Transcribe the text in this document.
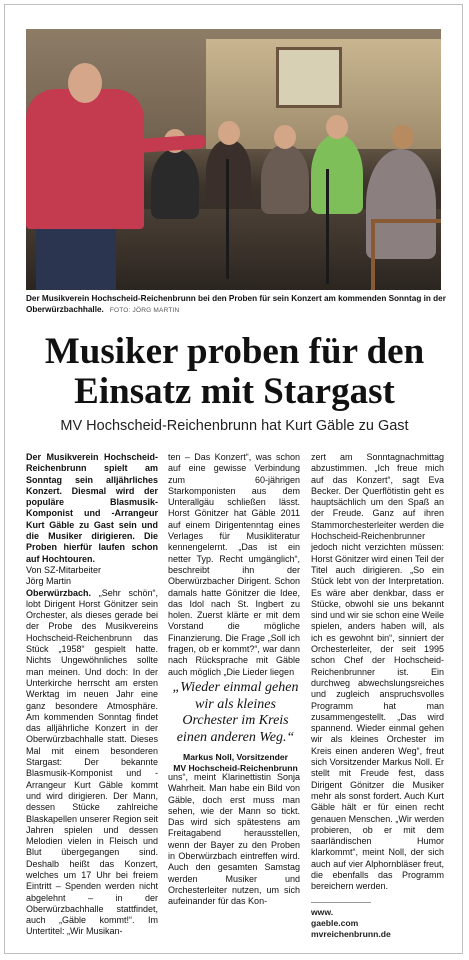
Der Musikverein Hochscheid-Reichenbrunn bei den Proben für sein Konzert am kommenden Sonntag in der Oberwürzbachhalle. FOTO: JÖRG MARTIN
Musiker proben für den
Einsatz mit Stargast
MV Hochscheid-Reichenbrunn hat Kurt Gäble zu Gast

Der Musikverein Hochscheid-Reichenbrunn spielt am Sonntag sein alljährliches Konzert. Diesmal wird der populäre Blasmusik-Komponist und -Arrangeur Kurt Gäble zu Gast sein und die Musiker dirigieren. Die Proben hierfür laufen schon auf Hochtouren.

Von SZ-Mitarbeiter

Jörg Martin

Oberwürzbach. „Sehr schön“, lobt Dirigent Horst Gönitzer sein Orchester, als dieses gerade bei der Probe des Musikvereins Hochscheid-Reichenbrunn das Stück „1958“ gespielt hatte. Nichts Ungewöhnliches sollte man meinen. Und doch: In der Unterkirche herrscht am ersten Werktag im neuen Jahr eine ganz besondere Atmosphäre. Am kommenden Sonntag findet das alljährliche Konzert in der Oberwürzbachhalle statt. Dieses Mal mit einem besonderen Stargast: Der bekannte Blasmusik-Komponist und -Arrangeur Kurt Gäble kommt und wird dirigieren. Der Mann, dessen Stücke zahlreiche Blaskapellen unserer Region seit Jahren spielen und dessen Melodien vielen in Fleisch und Blut übergegangen sind. Deshalb heißt das Konzert, welches um 17 Uhr bei freiem Eintritt – Spenden werden nicht abgelehnt – in der Oberwürzbachhalle stattfindet, auch „Gäble kommt!“. Im Untertitel: „Wir Musikan-

ten – Das Konzert“, was schon auf eine gewisse Verbindung zum 60-jährigen Starkomponisten aus dem Unterallgäu schließen lässt. Horst Gönitzer hat Gäble 2011 auf einem Dirigentenntag eines Verlages für Musikliteratur kennengelernt. „Das ist ein netter Typ. Recht umgänglich“, beschreibt ihn der Oberwürzbacher Dirigent. Schon damals hatte Gönitzer die Idee, das Idol nach St. Ingbert zu holen. Zuerst klärte er mit dem Vorstand die mögliche Finanzierung. Die Frage „Soll ich fragen, ob er kommt?“, war dann nach Rücksprache mit Gäble auch möglich „Die Lieder liegen

„Wieder einmal gehen wir als kleines Orchester im Kreis einen anderen Weg.“
Markus Noll, Vorsitzender
MV Hochscheid-Reichenbrunn

uns“, meint Klarinettistin Sonja Wahrheit. Man habe ein Bild von Gäble, doch erst muss man sehen, wie der Mann so tickt. Das wird sich spätestens am Freitagabend herausstellen, wenn der Bayer zu den Proben in Oberwürzbach eintreffen wird. Auch den gesamten Samstag werden Musiker und Orchesterleiter nutzen, um sich aufeinander für das Kon-

zert am Sonntagnachmittag abzustimmen. „Ich freue mich auf das Konzert“, sagt Eva Becker. Der Querflötistin geht es hauptsächlich um den Spaß an der Freude. Ganz auf ihren Stammorchesterleiter werden die Hochscheid-Reichenbrunner jedoch nicht verzichten müssen: Horst Gönitzer wird einen Teil der Titel auch dirigieren. „So ein Stück lebt von der Interpretation. Es wäre aber denkbar, dass er Stücke, obwohl sie uns bekannt sind und wir sie schon eine Weile spielen, anders haben will, als ich es gewohnt bin“, sinniert der Orchesterleiter, der seit 1995 schon Chef der Hochscheid-Reichenbrunner ist. Ein durchweg abwechslungsreiches und zugleich anspruchsvolles Programm hat man zusammengestellt. „Das wird spannend. Wieder einmal gehen wir als kleines Orchester im Kreis einen anderen Weg“, freut sich Vorsitzender Markus Noll. Er stellt mit Freude fest, dass Dirigent Gönitzer die Musiker mehr als sonst fordert. Auch Kurt Gäble hält er für einen recht genauen Menschen. „Wir werden probieren, ob er mit dem saarländischen Humor klarkommt“, meint Noll, der sich auch auf vier Alphornbläser freut, die ebenfalls das Programm bereichern werden.

www.
gaeble.com
mvreichenbrunn.de
